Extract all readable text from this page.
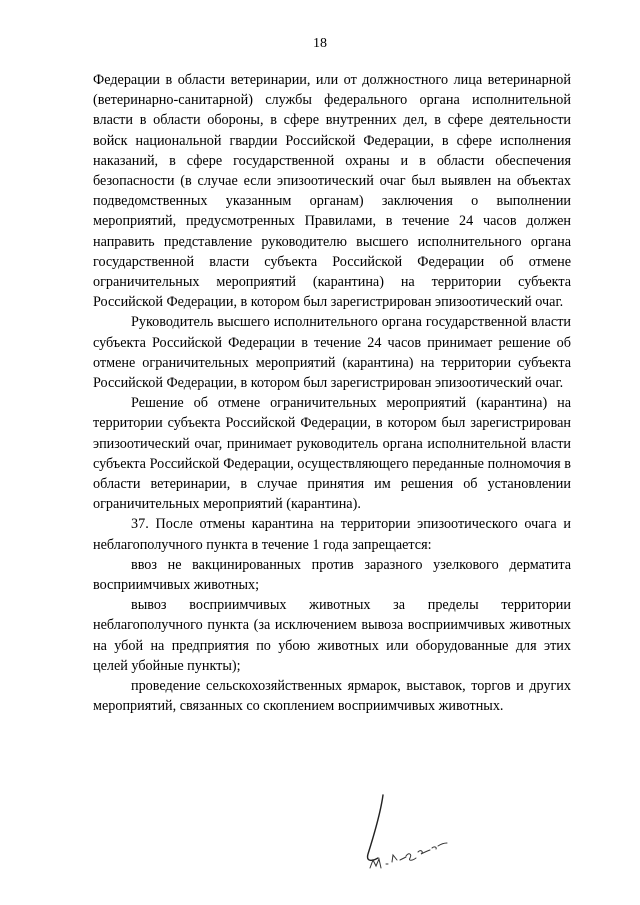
18

Федерации в области ветеринарии, или от должностного лица ветеринарной (ветеринарно-санитарной) службы федерального органа исполнительной власти в области обороны, в сфере внутренних дел, в сфере деятельности войск национальной гвардии Российской Федерации, в сфере исполнения наказаний, в сфере государственной охраны и в области обеспечения безопасности (в случае если эпизоотический очаг был выявлен на объектах подведомственных указанным органам) заключения о выполнении мероприятий, предусмотренных Правилами, в течение 24 часов должен направить представление руководителю высшего исполнительного органа государственной власти субъекта Российской Федерации об отмене ограничительных мероприятий (карантина) на территории субъекта Российской Федерации, в котором был зарегистрирован эпизоотический очаг.

Руководитель высшего исполнительного органа государственной власти субъекта Российской Федерации в течение 24 часов принимает решение об отмене ограничительных мероприятий (карантина) на территории субъекта Российской Федерации, в котором был зарегистрирован эпизоотический очаг.

Решение об отмене ограничительных мероприятий (карантина) на территории субъекта Российской Федерации, в котором был зарегистрирован эпизоотический очаг, принимает руководитель органа исполнительной власти субъекта Российской Федерации, осуществляющего переданные полномочия в области ветеринарии, в случае принятия им решения об установлении ограничительных мероприятий (карантина).

37. После отмены карантина на территории эпизоотического очага и неблагополучного пункта в течение 1 года запрещается:

ввоз не вакцинированных против заразного узелкового дерматита восприимчивых животных;

вывоз восприимчивых животных за пределы территории неблагополучного пункта (за исключением вывоза восприимчивых животных на убой на предприятия по убою животных или оборудованные для этих целей убойные пункты);

проведение сельскохозяйственных ярмарок, выставок, торгов и других мероприятий, связанных со скоплением восприимчивых животных.
